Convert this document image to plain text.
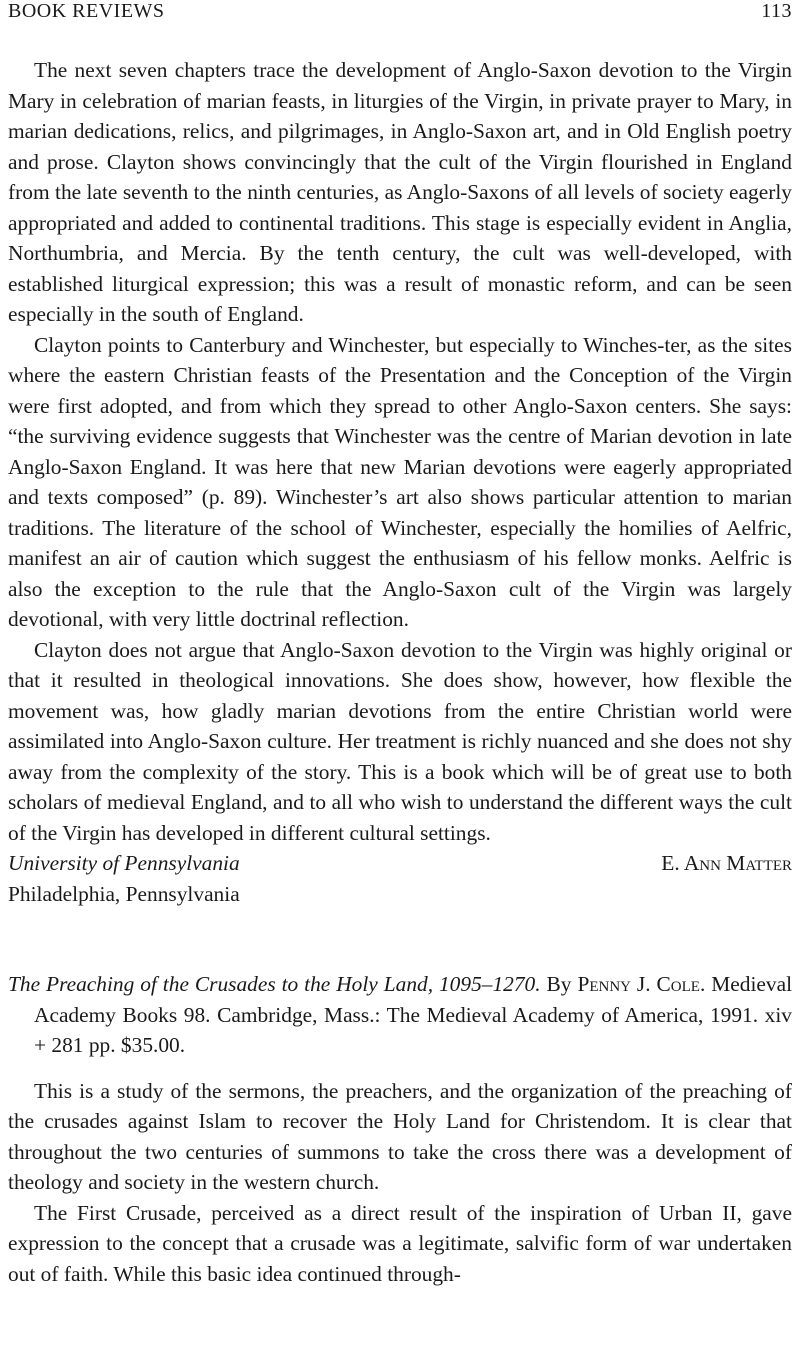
BOOK REVIEWS	113

The next seven chapters trace the development of Anglo-Saxon devotion to the Virgin Mary in celebration of marian feasts, in liturgies of the Virgin, in private prayer to Mary, in marian dedications, relics, and pilgrimages, in Anglo-Saxon art, and in Old English poetry and prose. Clayton shows convincingly that the cult of the Virgin flourished in England from the late seventh to the ninth centuries, as Anglo-Saxons of all levels of society eagerly appropriated and added to continental traditions. This stage is especially evident in Anglia, Northumbria, and Mercia. By the tenth century, the cult was well-developed, with established liturgical expression; this was a result of monastic reform, and can be seen especially in the south of England.

Clayton points to Canterbury and Winchester, but especially to Winches-ter, as the sites where the eastern Christian feasts of the Presentation and the Conception of the Virgin were first adopted, and from which they spread to other Anglo-Saxon centers. She says: “the surviving evidence suggests that Winchester was the centre of Marian devotion in late Anglo-Saxon England. It was here that new Marian devotions were eagerly appropriated and texts composed” (p. 89). Winchester’s art also shows particular attention to marian traditions. The literature of the school of Winchester, especially the homilies of Aelfric, manifest an air of caution which suggest the enthusiasm of his fellow monks. Aelfric is also the exception to the rule that the Anglo-Saxon cult of the Virgin was largely devotional, with very little doctrinal reflection.

Clayton does not argue that Anglo-Saxon devotion to the Virgin was highly original or that it resulted in theological innovations. She does show, however, how flexible the movement was, how gladly marian devotions from the entire Christian world were assimilated into Anglo-Saxon culture. Her treatment is richly nuanced and she does not shy away from the complexity of the story. This is a book which will be of great use to both scholars of medieval England, and to all who wish to understand the different ways the cult of the Virgin has developed in different cultural settings.

University of Pennsylvania
Philadelphia, Pennsylvania
E. Ann Matter

The Preaching of the Crusades to the Holy Land, 1095–1270. By Penny J. Cole. Medieval Academy Books 98. Cambridge, Mass.: The Medieval Academy of America, 1991. xiv + 281 pp. $35.00.

This is a study of the sermons, the preachers, and the organization of the preaching of the crusades against Islam to recover the Holy Land for Christendom. It is clear that throughout the two centuries of summons to take the cross there was a development of theology and society in the western church.

The First Crusade, perceived as a direct result of the inspiration of Urban II, gave expression to the concept that a crusade was a legitimate, salvific form of war undertaken out of faith. While this basic idea continued through-
